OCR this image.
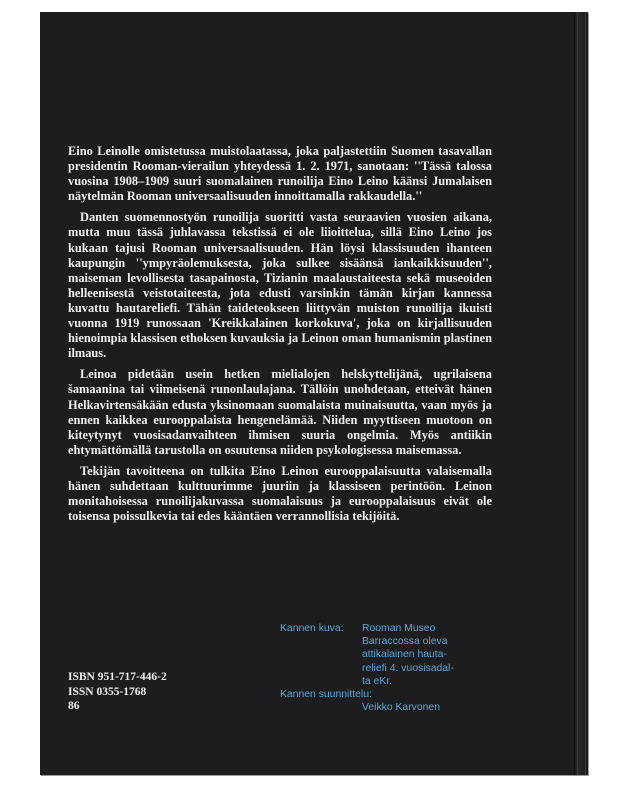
Eino Leinolle omistetussa muistolaatassa, joka paljastettiin Suomen tasavallan presidentin Rooman-vierailun yhteydessä 1. 2. 1971, sanotaan: ''Tässä talossa vuosina 1908–1909 suuri suomalainen runoilija Eino Leino käänsi Jumalaisen näytelmän Rooman universaalisuuden innoittamalla rakkaudella.''

Danten suomennostyön runoilija suoritti vasta seuraavien vuosien aikana, mutta muu tässä juhlavassa tekstissä ei ole liioittelua, sillä Eino Leino jos kukaan tajusi Rooman universaalisuuden. Hän löysi klassisuuden ihanteen kaupungin ''ympyräolemuksesta, joka sulkee sisäänsä iankaikkisuuden'', maiseman levollisesta tasapainosta, Tizianin maalaustaiteesta sekä museoiden helleenisestä veistotaiteesta, jota edusti varsinkin tämän kirjan kannessa kuvattu hautareliefi. Tähän taideteokseen liittyvän muiston runoilija ikuisti vuonna 1919 runossaan 'Kreikkalainen korkokuva', joka on kirjallisuuden hienoimpia klassisen ethoksen kuvauksia ja Leinon oman humanismin plastinen ilmaus.

Leinoa pidetään usein hetken mielialojen helskyttelijänä, ugrilaisena šamaanina tai viimeisenä runonlaulajana. Tällöin unohdetaan, etteivät hänen Helkavirtensäkään edusta yksinomaan suomalaista muinaisuutta, vaan myös ja ennen kaikkea eurooppalaista hengenelämää. Niiden myyttiseen muotoon on kiteytynyt vuosisadanvaihteen ihmisen suuria ongelmia. Myös antiikin ehtymättömällä tarustolla on osuutensa niiden psykologisessa maisemassa.

Tekijän tavoitteena on tulkita Eino Leinon eurooppalaisuutta valaisemalla hänen suhdettaan kulttuurimme juuriin ja klassiseen perintöön. Leinon monitahoisessa runoilijakuvassa suomalaisuus ja eurooppalaisuus eivät ole toisensa poissulkevia tai edes kääntäen verrannollisia tekijöitä.

ISBN 951-717-446-2
ISSN 0355-1768
86
Kannen kuva:	Rooman Museo
Barraccossa oleva
attikalainen hauta-
reliefi 4. vuosisadal-
ta eKr.
Kannen suunnittelu:
Veikko Karvonen
